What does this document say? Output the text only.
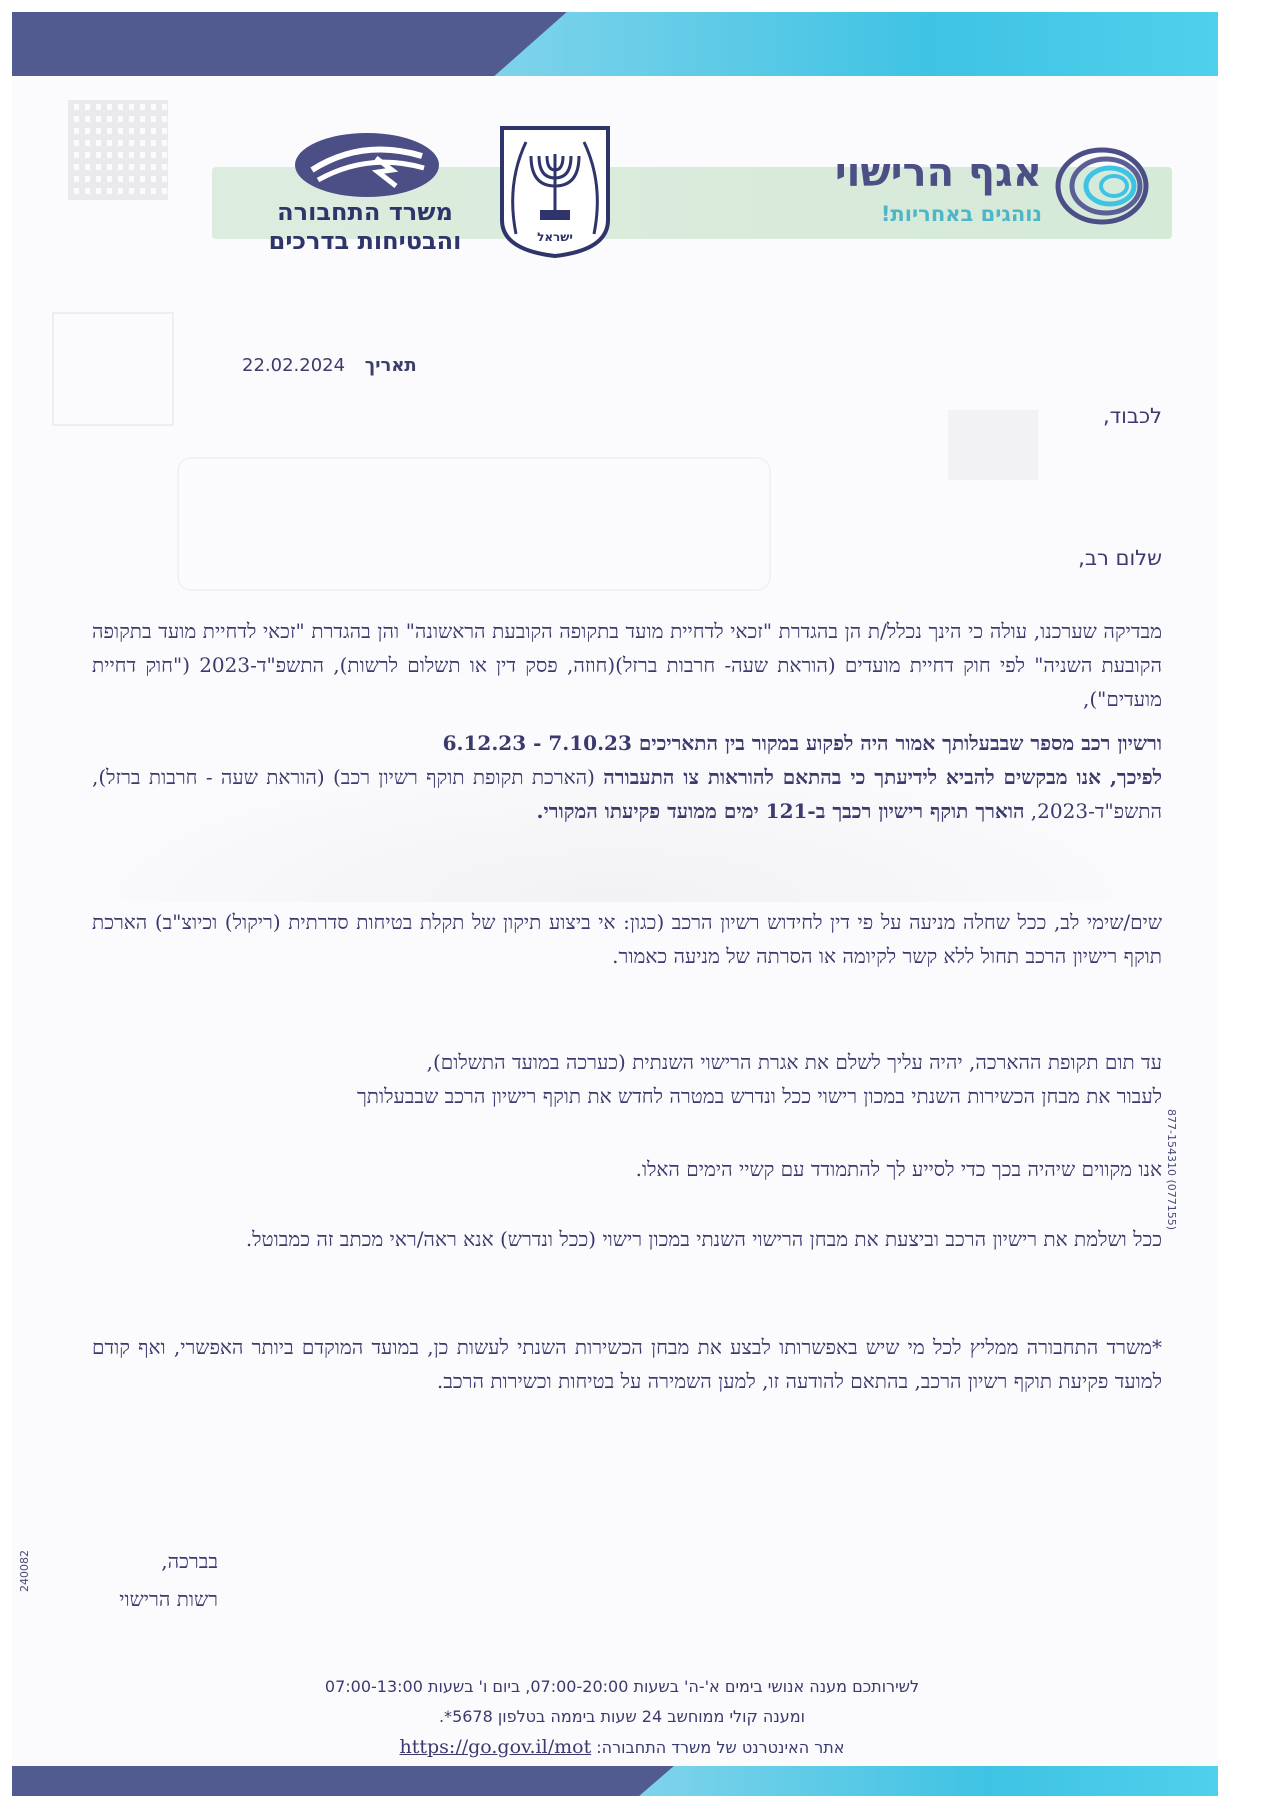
אגף הרישוי
נוהגים באחריות!
ישראל
משרד התחבורה
והבטיחות בדרכים
תאריך 22.02.2024
לכבוד,
שלום רב,
מבדיקה שערכנו, עולה כי הינך נכלל/ת הן בהגדרת "זכאי לדחיית מועד בתקופה הקובעת הראשונה" והן בהגדרת "זכאי לדחיית מועד בתקופה הקובעת השניה" לפי חוק דחיית מועדים (הוראת שעה- חרבות ברזל)(חוזה, פסק דין או תשלום לרשות), התשפ"ד-2023 ("חוק דחיית מועדים"),
ורשיון רכב מספר שבבעלותך אמור היה לפקוע במקור בין התאריכים 7.10.23 - 6.12.23
לפיכך, אנו מבקשים להביא לידיעתך כי בהתאם להוראות צו התעבורה (הארכת תקופת תוקף רשיון רכב) (הוראת שעה - חרבות ברזל), התשפ"ד-2023, הוארך תוקף רישיון רכבך ב-121 ימים ממועד פקיעתו המקורי.
שים/שימי לב, ככל שחלה מניעה על פי דין לחידוש רשיון הרכב (כגון: אי ביצוע תיקון של תקלת בטיחות סדרתית (ריקול) וכיוצ"ב) הארכת תוקף רישיון הרכב תחול ללא קשר לקיומה או הסרתה של מניעה כאמור.
עד תום תקופת ההארכה, יהיה עליך לשלם את אגרת הרישוי השנתית (כערכה במועד התשלום),
לעבור את מבחן הכשירות השנתי במכון רישוי ככל ונדרש במטרה לחדש את תוקף רישיון הרכב שבבעלותך
אנו מקווים שיהיה בכך כדי לסייע לך להתמודד עם קשיי הימים האלו.
ככל ושלמת את רישיון הרכב וביצעת את מבחן הרישוי השנתי במכון רישוי (ככל ונדרש) אנא ראה/ראי מכתב זה כמבוטל.
*משרד התחבורה ממליץ לכל מי שיש באפשרותו לבצע את מבחן הכשירות השנתי לעשות כן, במועד המוקדם ביותר האפשרי, ואף קודם למועד פקיעת תוקף רשיון הרכב, בהתאם להודעה זו, למען השמירה על בטיחות וכשירות הרכב.
בברכה,
רשות הרישוי
לשירותכם מענה אנושי בימים א'-ה' בשעות 07:00-20:00, ביום ו' בשעות 07:00-13:00
ומענה קולי ממוחשב 24 שעות ביממה בטלפון 5678*.
אתר האינטרנט של משרד התחבורה: https://go.gov.il/mot
877-154310 (077155)
240082
